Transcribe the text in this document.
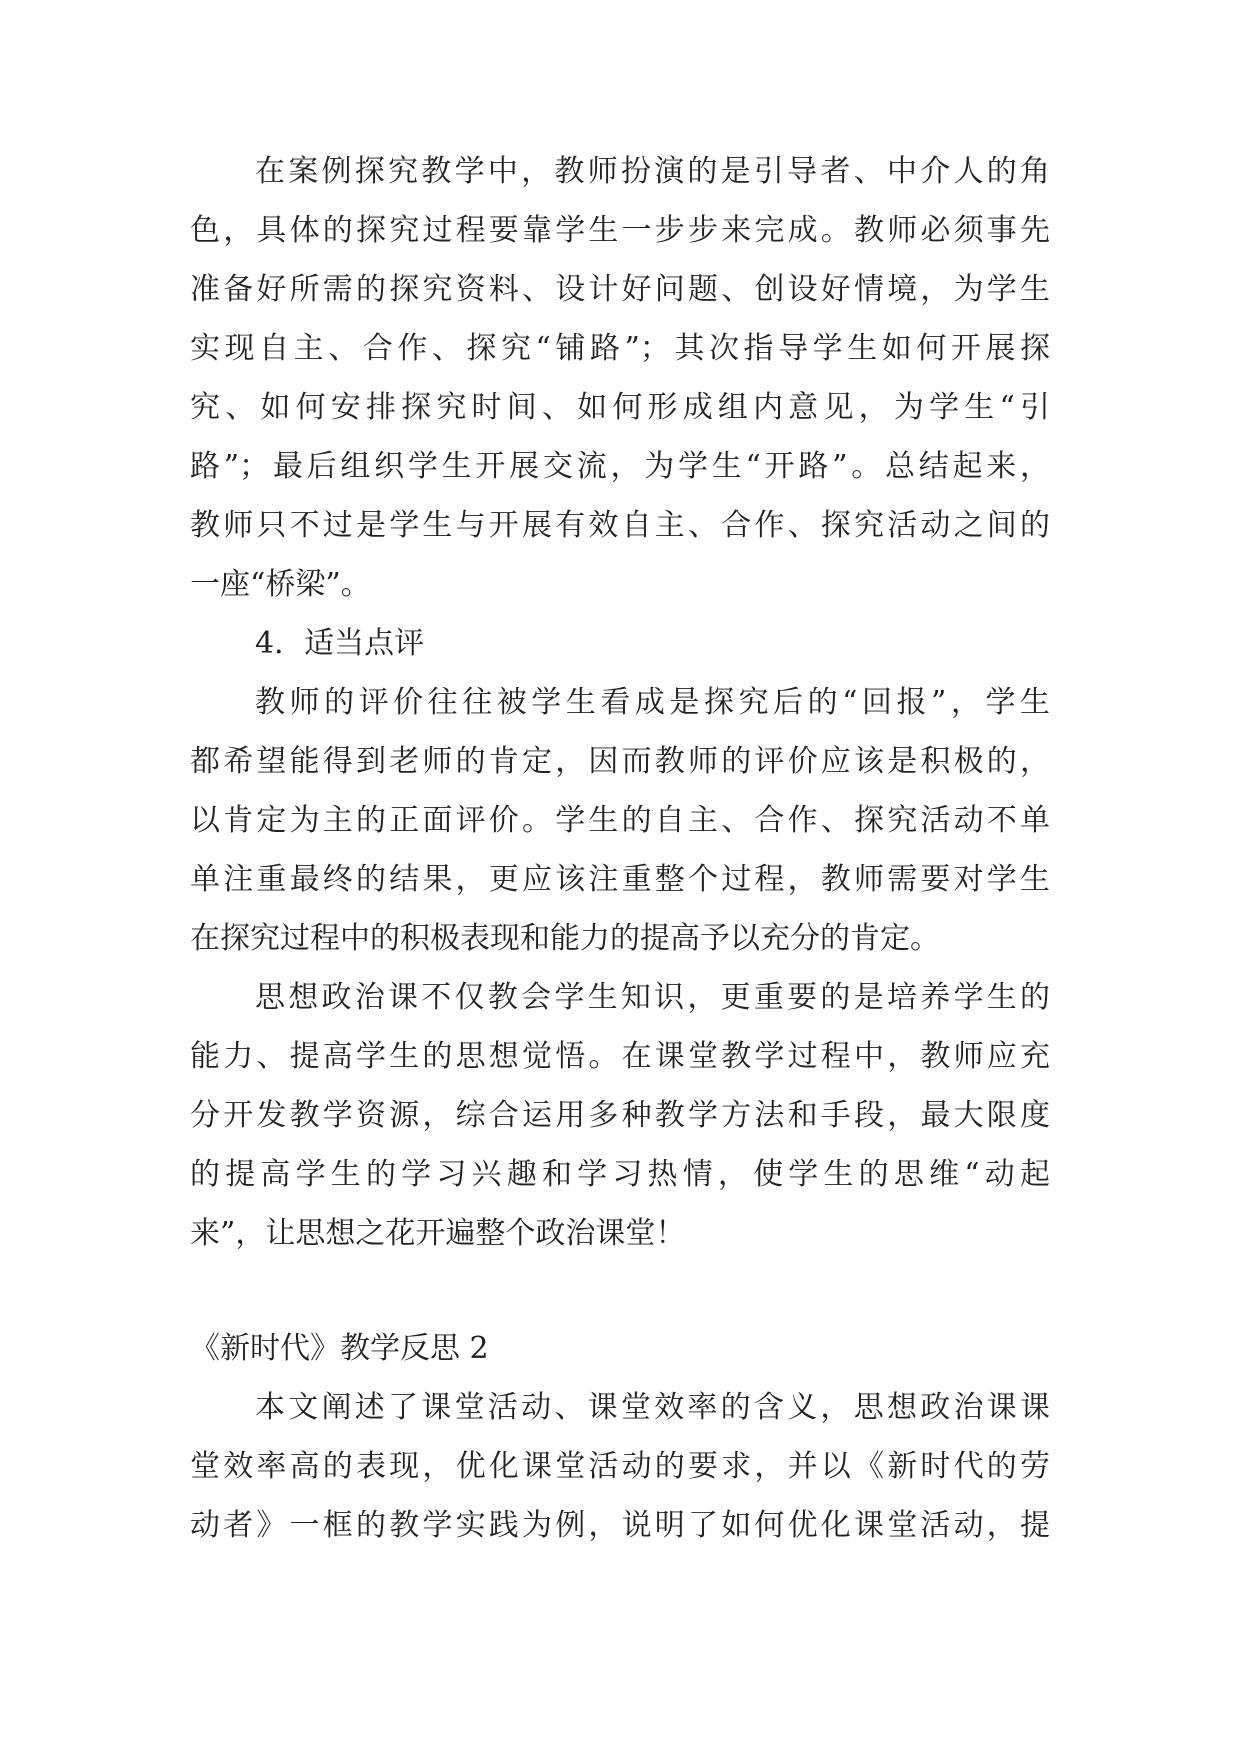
在案例探究教学中，教师扮演的是引导者、中介人的角
色，具体的探究过程要靠学生一步步来完成。教师必须事先
准备好所需的探究资料、设计好问题、创设好情境，为学生
实现自主、合作、探究“铺路”；其次指导学生如何开展探
究、如何安排探究时间、如何形成组内意见，为学生“引
路”；最后组织学生开展交流，为学生“开路”。总结起来，
教师只不过是学生与开展有效自主、合作、探究活动之间的
一座“桥梁”。
4．适当点评
教师的评价往往被学生看成是探究后的“回报”，学生
都希望能得到老师的肯定，因而教师的评价应该是积极的，
以肯定为主的正面评价。学生的自主、合作、探究活动不单
单注重最终的结果，更应该注重整个过程，教师需要对学生
在探究过程中的积极表现和能力的提高予以充分的肯定。
思想政治课不仅教会学生知识，更重要的是培养学生的
能力、提高学生的思想觉悟。在课堂教学过程中，教师应充
分开发教学资源，综合运用多种教学方法和手段，最大限度
的提高学生的学习兴趣和学习热情，使学生的思维“动起
来”，让思想之花开遍整个政治课堂！
《新时代》教学反思 2
本文阐述了课堂活动、课堂效率的含义，思想政治课课
堂效率高的表现，优化课堂活动的要求，并以《新时代的劳
动者》一框的教学实践为例，说明了如何优化课堂活动，提
